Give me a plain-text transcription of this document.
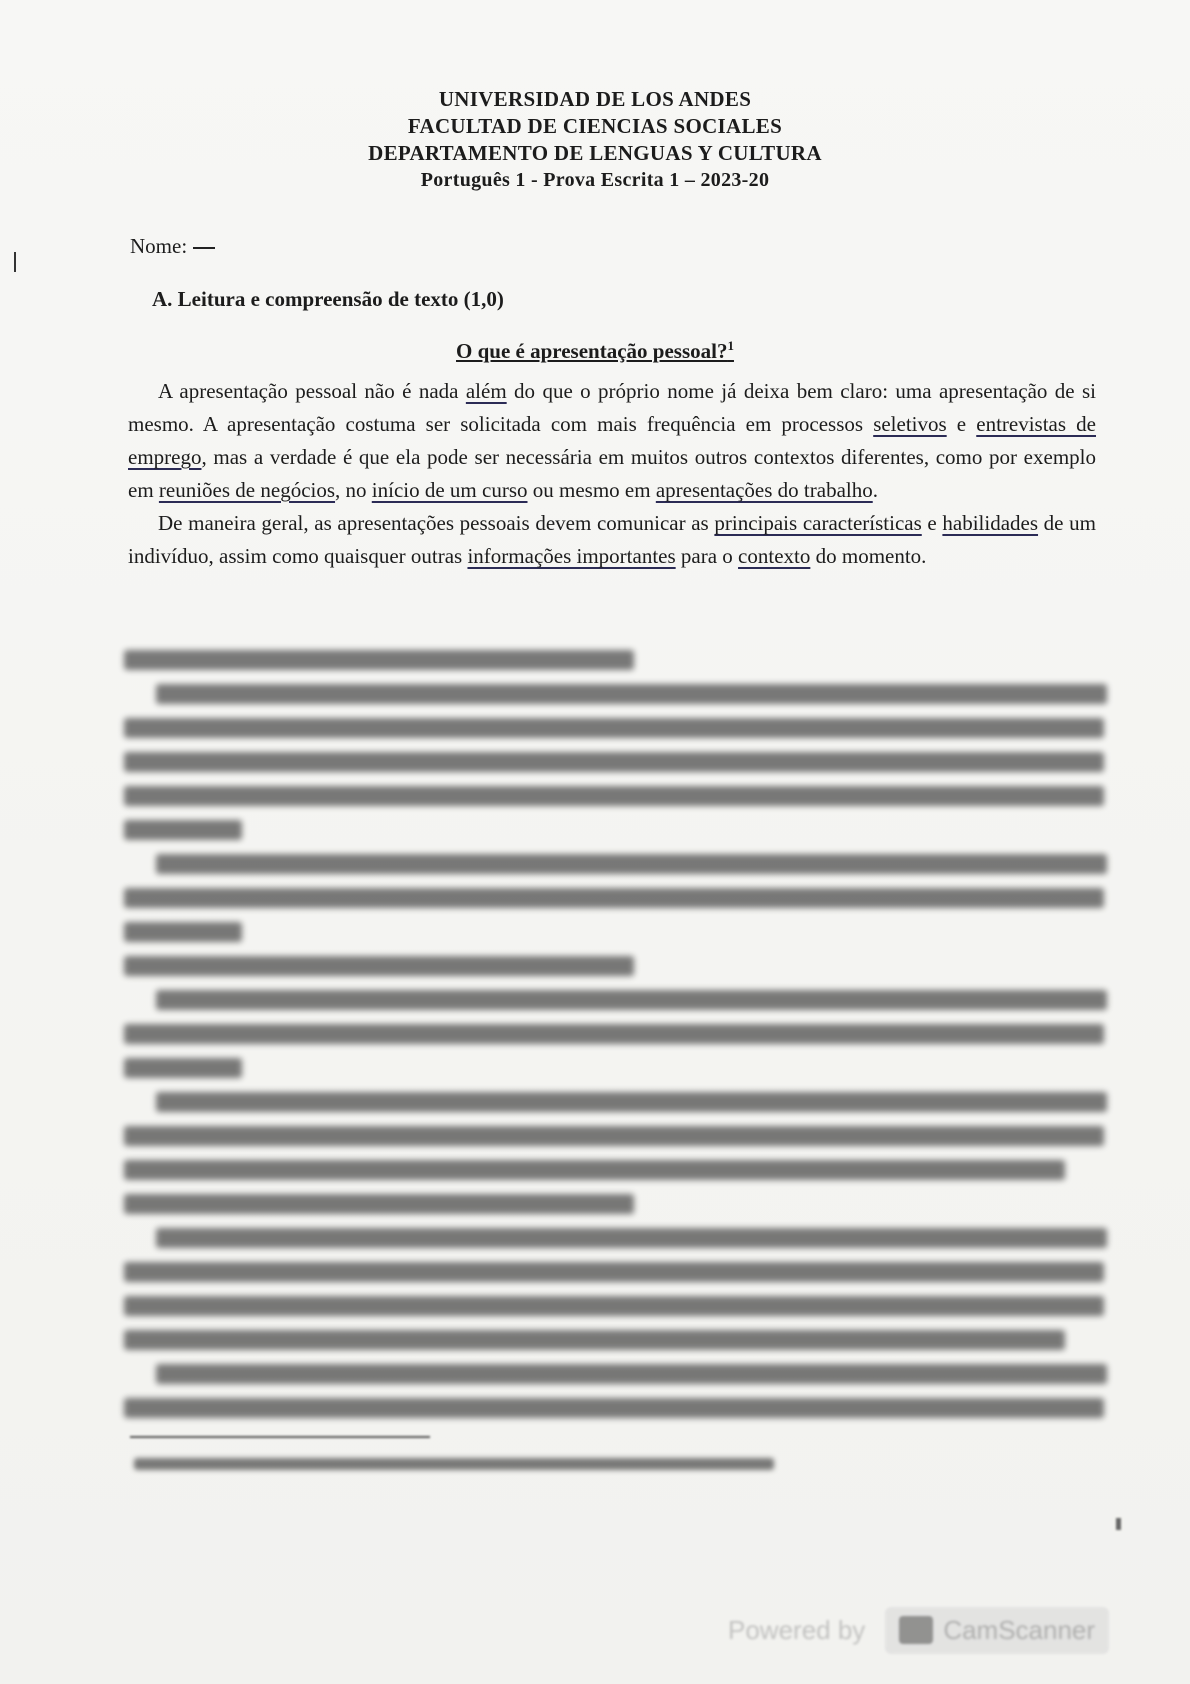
UNIVERSIDAD DE LOS ANDES
FACULTAD DE CIENCIAS SOCIALES
DEPARTAMENTO DE LENGUAS Y CULTURA
Português 1 - Prova Escrita 1 – 2023-20
Nome:
A. Leitura e compreensão de texto (1,0)
O que é apresentação pessoal?$^1$

A apresentação pessoal não é nada além do que o próprio nome já deixa bem claro: uma apresentação de si mesmo. A apresentação costuma ser solicitada com mais frequência em processos seletivos e entrevistas de emprego, mas a verdade é que ela pode ser necessária em muitos outros contextos diferentes, como por exemplo em reuniões de negócios, no início de um curso ou mesmo em apresentações do trabalho.

De maneira geral, as apresentações pessoais devem comunicar as principais características e habilidades de um indivíduo, assim como quaisquer outras informações importantes para o contexto do momento.

Powered by	CamScanner
